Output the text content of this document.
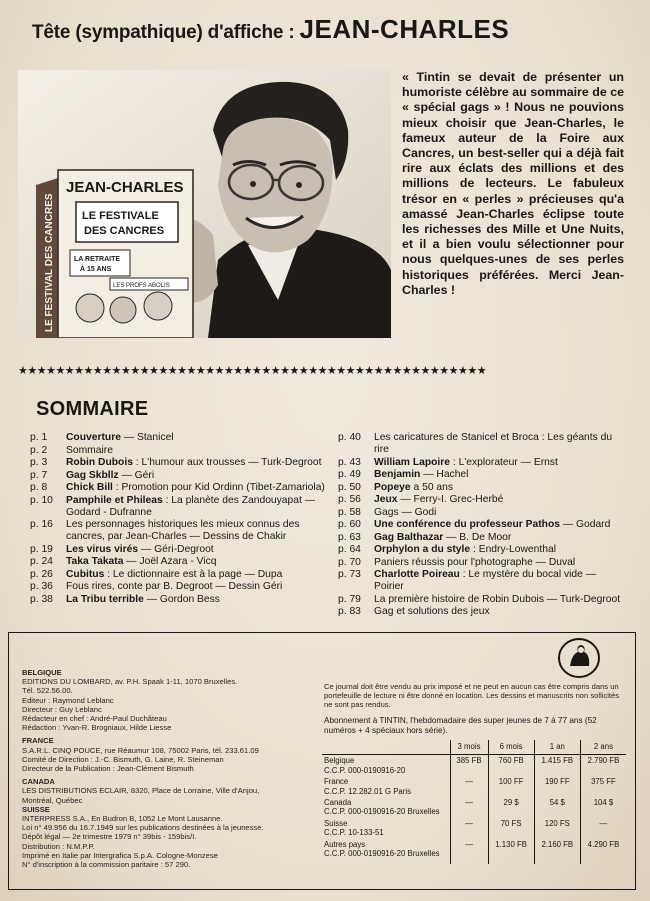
Tête (sympathique) d'affiche : JEAN-CHARLES
JEAN-CHARLES
LE FESTIVALE
DES CANCRES
LA RETRAITE
À 15 ANS
LES PROFS ABOLIS
LE FESTIVAL DES CANCRES
« Tintin se devait de présenter un humoriste célèbre au sommaire de ce « spécial gags » ! Nous ne pouvions mieux choisir que Jean-Charles, le fameux auteur de la Foire aux Cancres, un best-seller qui a déjà fait rire aux éclats des millions et des millions de lecteurs. Le fabuleux trésor en « perles » précieuses qu'a amassé Jean-Charles éclipse toute les richesses des Mille et Une Nuits, et il a bien voulu sélectionner pour nous quelques-unes de ses perles historiques préférées. Merci Jean-Charles !
★★★★★★★★★★★★★★★★★★★★★★★★★★★★★★★★★★★★★★★★★★★★★★★★★★
SOMMAIRE
p. 1	Couverture — Stanicel
p. 2	Sommaire
p. 3	Robin Dubois : L'humour aux trousses — Turk-Degroot
p. 7	Gag Skbllz — Géri
p. 8	Chick Bill : Promotion pour Kid Ordinn (Tibet-Zamariola)
p. 10	Pamphile et Phileas : La planète des Zandouyapat — Godard - Dufranne
p. 16	Les personnages historiques les mieux connus des cancres, par Jean-Charles — Dessins de Chakir
p. 19	Les virus virés — Géri-Degroot
p. 24	Taka Takata — Joël Azara - Vicq
p. 26	Cubitus : Le dictionnaire est à la page — Dupa
p. 36	Fous rires, conte par B. Degroot — Dessin Géri
p. 38	La Tribu terrible — Gordon Bess
p. 40	Les caricatures de Stanicel et Broca : Les géants du rire
p. 43	William Lapoire : L'explorateur — Ernst
p. 49	Benjamin — Hachel
p. 50	Popeye a 50 ans
p. 56	Jeux — Ferry-I. Grec-Herbé
p. 58	Gags — Godi
p. 60	Une conférence du professeur Pathos — Godard
p. 63	Gag Balthazar — B. De Moor
p. 64	Orphylon a du style : Endry-Lowenthal
p. 70	Paniers réussis pour l'photographe — Duval
p. 73	Charlotte Poireau : Le mystère du bocal vide — Poirier
p. 79	La première histoire de Robin Dubois — Turk-Degroot
p. 83	Gag et solutions des jeux
BELGIQUE
EDITIONS DU LOMBARD, av. P.H. Spaak 1-11, 1070 Bruxelles.
Tél. 522.56.00.
Editeur : Raymond Leblanc
Directeur : Guy Leblanc
Rédacteur en chef : André-Paul Duchâteau
Rédaction : Yvan-R. Brogniaux, Hilde Liesse
FRANCE
S.A.R.L. CINQ POUCE, rue Réaumur 108, 75002 Paris, tél. 233.61.09
Comité de Direction : J.-C. Bismuth, G. Laine, R. Steineman
Directeur de la Publication : Jean-Clément Bismuth
CANADA
LES DISTRIBUTIONS ECLAIR, 8320, Place de Lorraine, Ville d'Anjou,
Montréal, Québec
SUISSE
INTERPRESS S.A., En Budron B, 1052 Le Mont Lausanne.
Loi n° 49.956 du 16.7.1949 sur les publications destinées à la jeunesse.
Dépôt légal — 2e trimestre 1979 n° 39bis - 159bis/I.
Distribution : N.M.P.P.
Imprimé en Italie par Intergrafica S.p.A. Cologne-Monzese
N° d'inscription à la commission paritaire : 57 290.
Ce journal doit être vendu au prix imposé et ne peut en aucun cas être compris dans un portefeuille de lecture ni être donné en location. Les dessins et manuscrits non sollicités ne sont pas rendus.
Abonnement à TINTIN, l'hebdomadaire des super jeunes de 7 à 77 ans (52 numéros + 4 spéciaux hors série).
	3 mois	6 mois	1 an	2 ans

Belgique
C.C.P. 000-0190916-20	385 FB	760 FB	1.415 FB	2.790 FB

France
C.C.P. 12.282.01 G Paris	—	100 FF	190 FF	375 FF

Canada
C.C.P. 000-0190916-20 Bruxelles	—	29 $	54 $	104 $

Suisse
C.C.P. 10-133-51	—	70 FS	120 FS	—

Autres pays
C.C.P. 000-0190916-20 Bruxelles	—	1.130 FB	2.160 FB	4.290 FB
